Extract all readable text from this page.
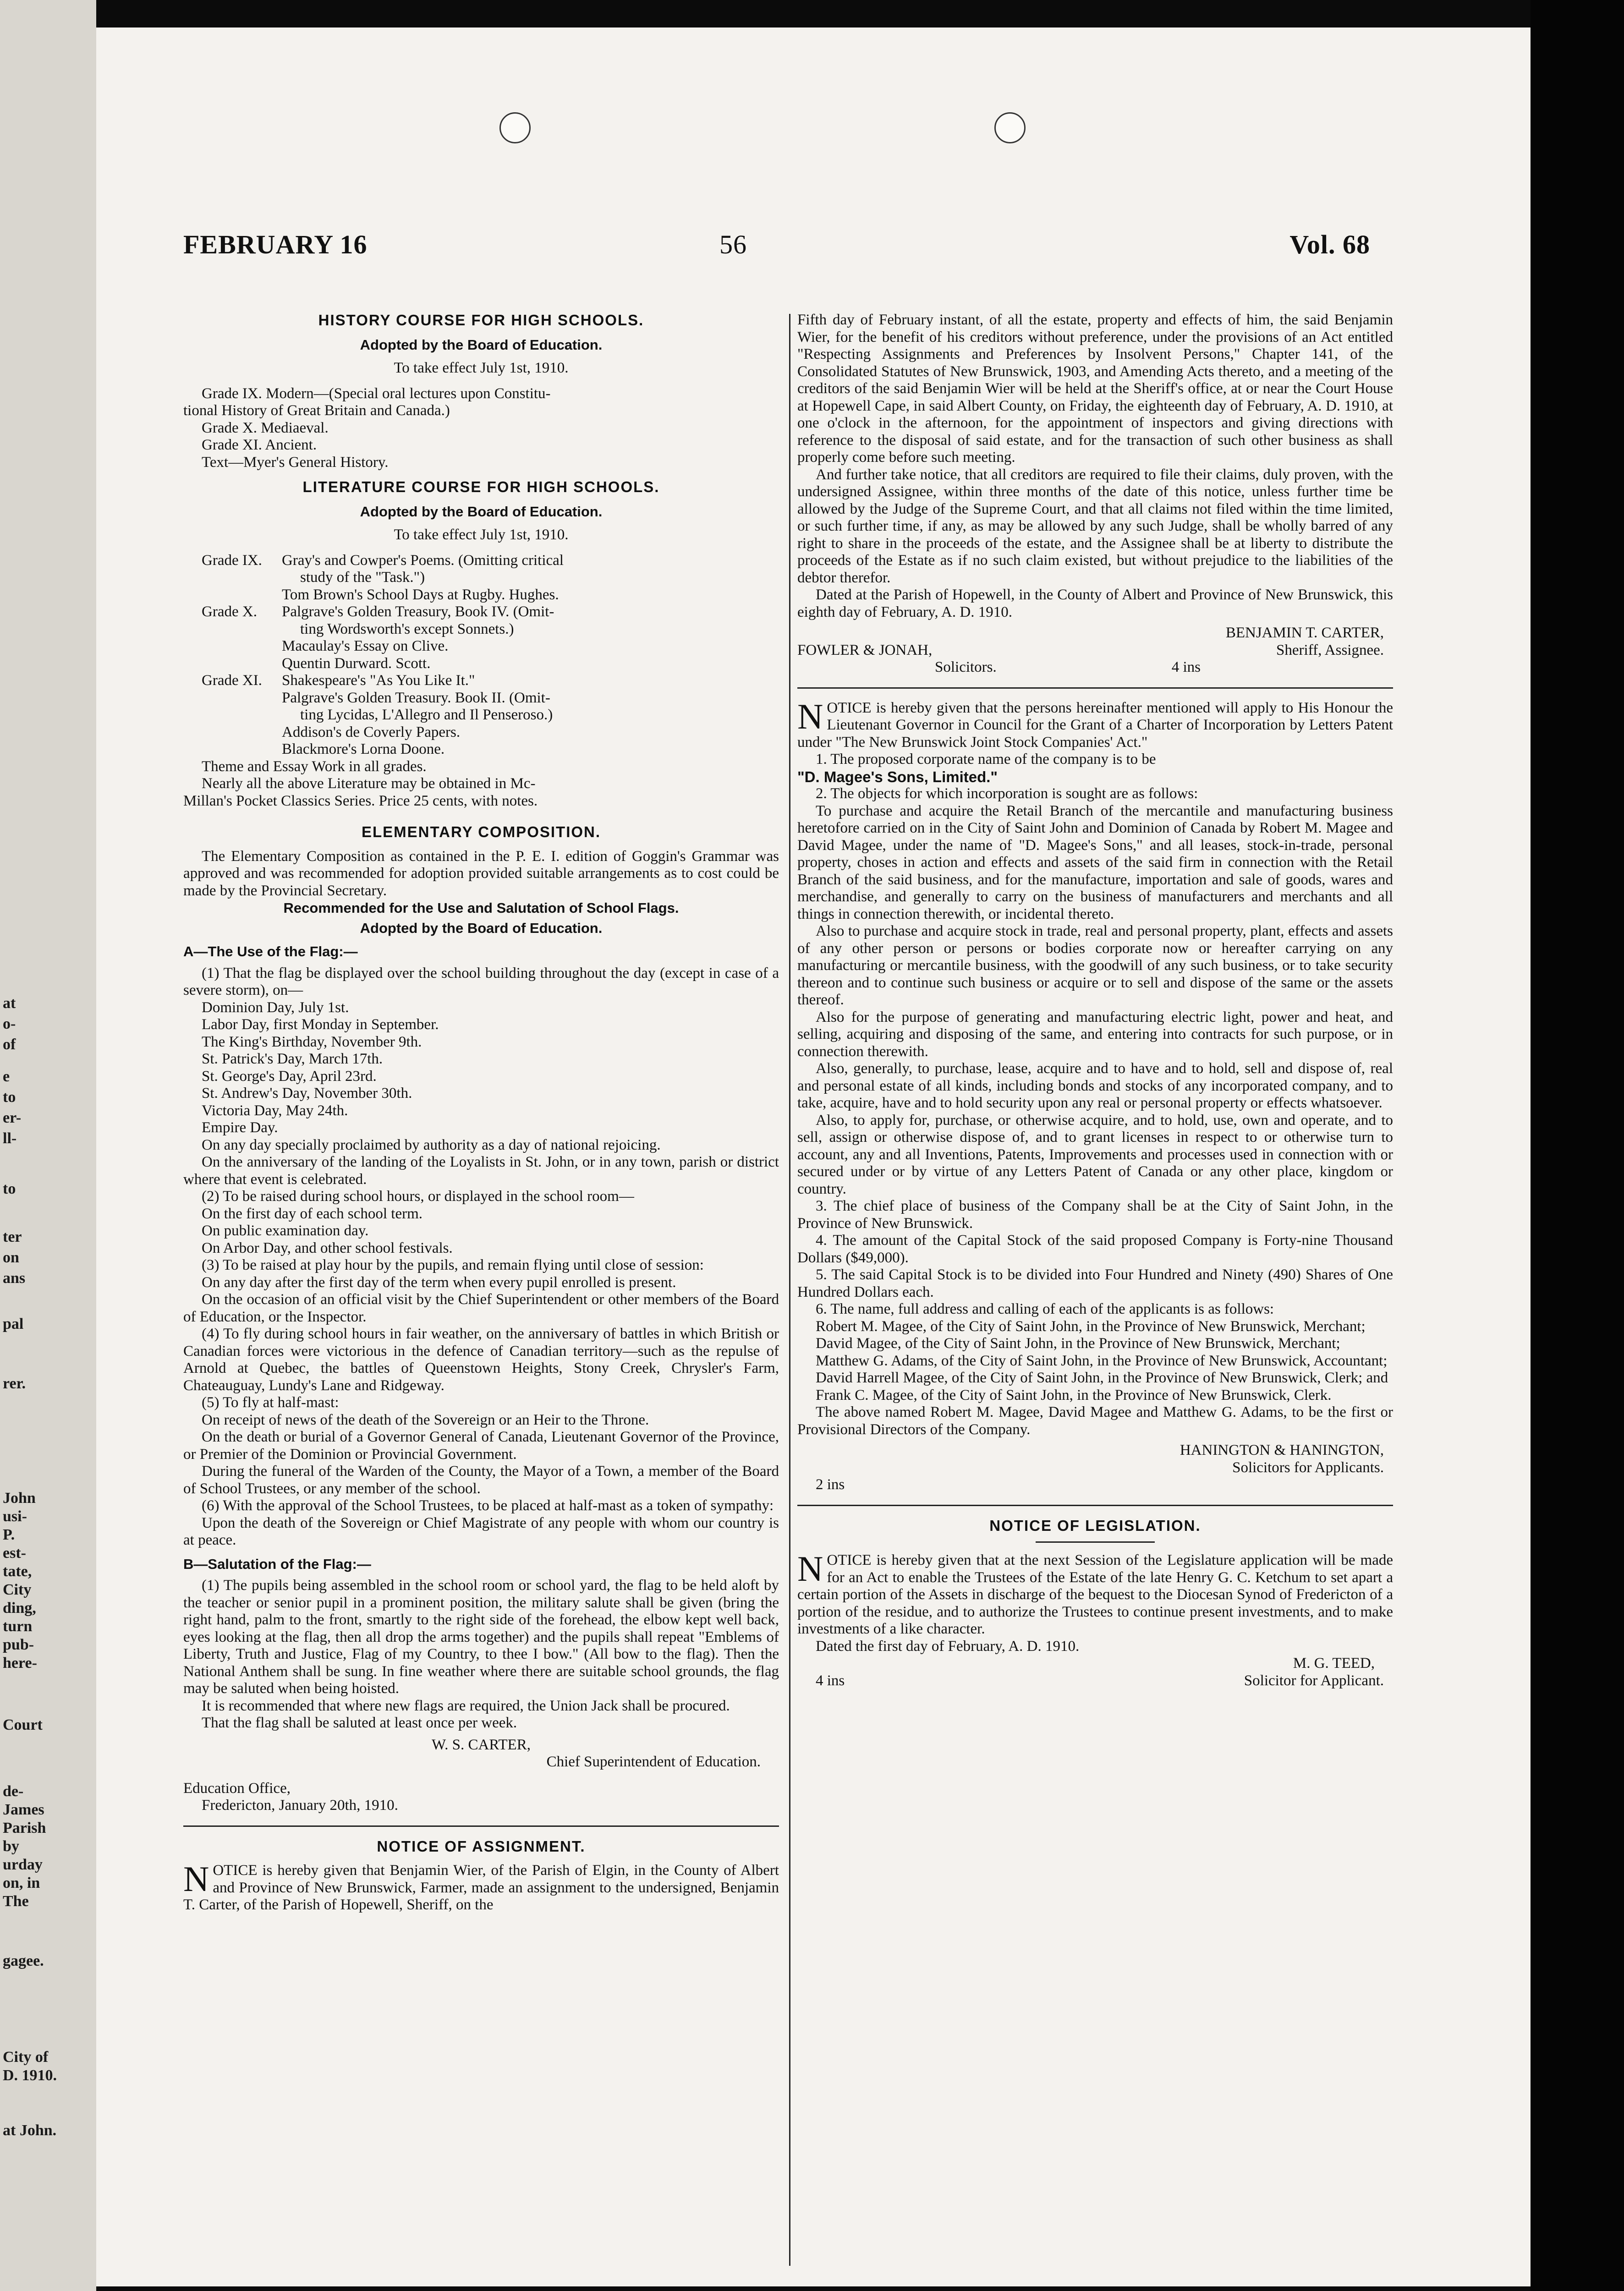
at
o-
of
e
to
er-
ll-
to
ter
on
ans
pal
rer.
John
usi-
P.
est-
tate,
City
ding,
turn
pub-
here-
Court
de-
James
Parish
by
urday
on, in
The
gagee.
City of
D. 1910.
at John.
FEBRUARY 16	56	Vol. 68

HISTORY COURSE FOR HIGH SCHOOLS.

Adopted by the Board of Education.

To take effect July 1st, 1910.

Grade IX. Modern—(Special oral lectures upon Constitu-

tional History of Great Britain and Canada.)

Grade X. Mediaeval.

Grade XI. Ancient.

Text—Myer's General History.

LITERATURE COURSE FOR HIGH SCHOOLS.

Adopted by the Board of Education.

To take effect July 1st, 1910.

Grade IX.	Gray's and Cowper's Poems. (Omitting critical

study of the "Task.")

Tom Brown's School Days at Rugby. Hughes.

Grade X.	Palgrave's Golden Treasury, Book IV. (Omit-

ting Wordsworth's except Sonnets.)

Macaulay's Essay on Clive.

Quentin Durward. Scott.

Grade XI.	Shakespeare's "As You Like It."

Palgrave's Golden Treasury. Book II. (Omit-

ting Lycidas, L'Allegro and Il Penseroso.)

Addison's de Coverly Papers.

Blackmore's Lorna Doone.

Theme and Essay Work in all grades.

Nearly all the above Literature may be obtained in Mc-

Millan's Pocket Classics Series. Price 25 cents, with notes.

ELEMENTARY COMPOSITION.

The Elementary Composition as contained in the P. E. I. edition of Goggin's Grammar was approved and was recommended for adoption provided suitable arrangements as to cost could be made by the Provincial Secretary.

Recommended for the Use and Salutation of School Flags.

Adopted by the Board of Education.

A—The Use of the Flag:—

(1) That the flag be displayed over the school building throughout the day (except in case of a severe storm), on—

Dominion Day, July 1st.

Labor Day, first Monday in September.

The King's Birthday, November 9th.

St. Patrick's Day, March 17th.

St. George's Day, April 23rd.

St. Andrew's Day, November 30th.

Victoria Day, May 24th.

Empire Day.

On any day specially proclaimed by authority as a day of national rejoicing.

On the anniversary of the landing of the Loyalists in St. John, or in any town, parish or district where that event is celebrated.

(2) To be raised during school hours, or displayed in the school room—

On the first day of each school term.

On public examination day.

On Arbor Day, and other school festivals.

(3) To be raised at play hour by the pupils, and remain flying until close of session:

On any day after the first day of the term when every pupil enrolled is present.

On the occasion of an official visit by the Chief Superintendent or other members of the Board of Education, or the Inspector.

(4) To fly during school hours in fair weather, on the anniversary of battles in which British or Canadian forces were victorious in the defence of Canadian territory—such as the repulse of Arnold at Quebec, the battles of Queenstown Heights, Stony Creek, Chrysler's Farm, Chateauguay, Lundy's Lane and Ridgeway.

(5) To fly at half-mast:

On receipt of news of the death of the Sovereign or an Heir to the Throne.

On the death or burial of a Governor General of Canada, Lieutenant Governor of the Province, or Premier of the Dominion or Provincial Government.

During the funeral of the Warden of the County, the Mayor of a Town, a member of the Board of School Trustees, or any member of the school.

(6) With the approval of the School Trustees, to be placed at half-mast as a token of sympathy:

Upon the death of the Sovereign or Chief Magistrate of any people with whom our country is at peace.

B—Salutation of the Flag:—

(1) The pupils being assembled in the school room or school yard, the flag to be held aloft by the teacher or senior pupil in a prominent position, the military salute shall be given (bring the right hand, palm to the front, smartly to the right side of the forehead, the elbow kept well back, eyes looking at the flag, then all drop the arms together) and the pupils shall repeat "Emblems of Liberty, Truth and Justice, Flag of my Country, to thee I bow." (All bow to the flag). Then the National Anthem shall be sung. In fine weather where there are suitable school grounds, the flag may be saluted when being hoisted.

It is recommended that where new flags are required, the Union Jack shall be procured.

That the flag shall be saluted at least once per week.

W. S. CARTER,

Chief Superintendent of Education.

Education Office,

Fredericton, January 20th, 1910.

NOTICE OF ASSIGNMENT.

NOTICE is hereby given that Benjamin Wier, of the Parish of Elgin, in the County of Albert and Province of New Brunswick, Farmer, made an assignment to the undersigned, Benjamin T. Carter, of the Parish of Hopewell, Sheriff, on the

Fifth day of February instant, of all the estate, property and effects of him, the said Benjamin Wier, for the benefit of his creditors without preference, under the provisions of an Act entitled "Respecting Assignments and Preferences by Insolvent Persons," Chapter 141, of the Consolidated Statutes of New Brunswick, 1903, and Amending Acts thereto, and a meeting of the creditors of the said Benjamin Wier will be held at the Sheriff's office, at or near the Court House at Hopewell Cape, in said Albert County, on Friday, the eighteenth day of February, A. D. 1910, at one o'clock in the afternoon, for the appointment of inspectors and giving directions with reference to the disposal of said estate, and for the transaction of such other business as shall properly come before such meeting.

And further take notice, that all creditors are required to file their claims, duly proven, with the undersigned Assignee, within three months of the date of this notice, unless further time be allowed by the Judge of the Supreme Court, and that all claims not filed within the time limited, or such further time, if any, as may be allowed by any such Judge, shall be wholly barred of any right to share in the proceeds of the estate, and the Assignee shall be at liberty to distribute the proceeds of the Estate as if no such claim existed, but without prejudice to the liabilities of the debtor therefor.

Dated at the Parish of Hopewell, in the County of Albert and Province of New Brunswick, this eighth day of February, A. D. 1910.

BENJAMIN T. CARTER,

FOWLER & JONAH,	Sheriff, Assignee.
Solicitors.	4 ins

NOTICE is hereby given that the persons hereinafter mentioned will apply to His Honour the Lieutenant Governor in Council for the Grant of a Charter of Incorporation by Letters Patent under "The New Brunswick Joint Stock Companies' Act."

1. The proposed corporate name of the company is to be

"D. Magee's Sons, Limited."

2. The objects for which incorporation is sought are as follows:

To purchase and acquire the Retail Branch of the mercantile and manufacturing business heretofore carried on in the City of Saint John and Dominion of Canada by Robert M. Magee and David Magee, under the name of "D. Magee's Sons," and all leases, stock-in-trade, personal property, choses in action and effects and assets of the said firm in connection with the Retail Branch of the said business, and for the manufacture, importation and sale of goods, wares and merchandise, and generally to carry on the business of manufacturers and merchants and all things in connection therewith, or incidental thereto.

Also to purchase and acquire stock in trade, real and personal property, plant, effects and assets of any other person or persons or bodies corporate now or hereafter carrying on any manufacturing or mercantile business, with the goodwill of any such business, or to take security thereon and to continue such business or acquire or to sell and dispose of the same or the assets thereof.

Also for the purpose of generating and manufacturing electric light, power and heat, and selling, acquiring and disposing of the same, and entering into contracts for such purpose, or in connection therewith.

Also, generally, to purchase, lease, acquire and to have and to hold, sell and dispose of, real and personal estate of all kinds, including bonds and stocks of any incorporated company, and to take, acquire, have and to hold security upon any real or personal property or effects whatsoever.

Also, to apply for, purchase, or otherwise acquire, and to hold, use, own and operate, and to sell, assign or otherwise dispose of, and to grant licenses in respect to or otherwise turn to account, any and all Inventions, Patents, Improvements and processes used in connection with or secured under or by virtue of any Letters Patent of Canada or any other place, kingdom or country.

3. The chief place of business of the Company shall be at the City of Saint John, in the Province of New Brunswick.

4. The amount of the Capital Stock of the said proposed Company is Forty-nine Thousand Dollars ($49,000).

5. The said Capital Stock is to be divided into Four Hundred and Ninety (490) Shares of One Hundred Dollars each.

6. The name, full address and calling of each of the applicants is as follows:

Robert M. Magee, of the City of Saint John, in the Province of New Brunswick, Merchant;

David Magee, of the City of Saint John, in the Province of New Brunswick, Merchant;

Matthew G. Adams, of the City of Saint John, in the Province of New Brunswick, Accountant;

David Harrell Magee, of the City of Saint John, in the Province of New Brunswick, Clerk; and

Frank C. Magee, of the City of Saint John, in the Province of New Brunswick, Clerk.

The above named Robert M. Magee, David Magee and Matthew G. Adams, to be the first or Provisional Directors of the Company.

HANINGTON & HANINGTON,

Solicitors for Applicants.

2 ins

NOTICE OF LEGISLATION.

NOTICE is hereby given that at the next Session of the Legislature application will be made for an Act to enable the Trustees of the Estate of the late Henry G. C. Ketchum to set apart a certain portion of the Assets in discharge of the bequest to the Diocesan Synod of Fredericton of a portion of the residue, and to authorize the Trustees to continue present investments, and to make investments of a like character.

Dated the first day of February, A. D. 1910.

M. G. TEED,

4 ins	Solicitor for Applicant.
